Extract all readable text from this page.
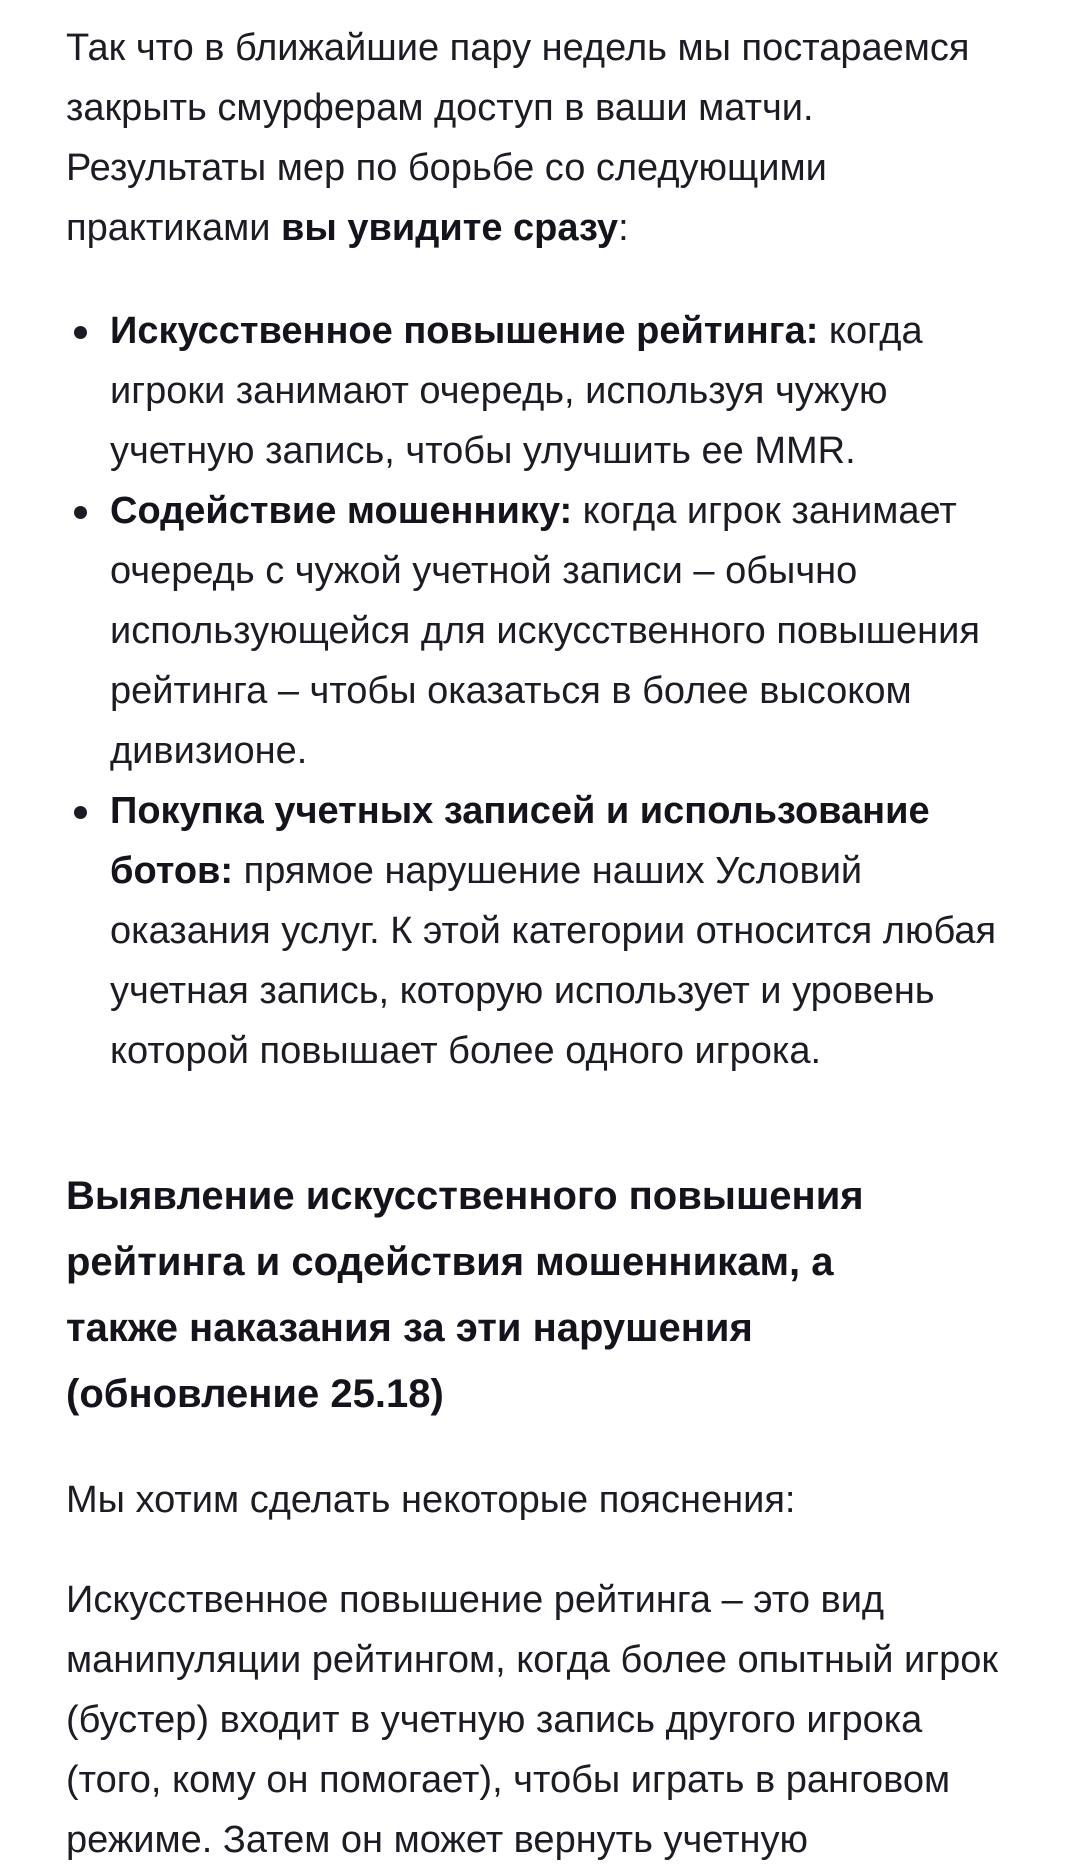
Так что в ближайшие пару недель мы постараемся
закрыть смурферам доступ в ваши матчи.
Результаты мер по борьбе со следующими
практиками вы увидите сразу:

Искусственное повышение рейтинга: когда игроки занимают очередь, используя чужую учетную запись, чтобы улучшить ее MMR.
Содействие мошеннику: когда игрок занимает очередь с чужой учетной записи – обычно использующейся для искусственного повышения рейтинга – чтобы оказаться в более высоком дивизионе.
Покупка учетных записей и использование ботов: прямое нарушение наших Условий оказания услуг. К этой категории относится любая учетная запись, которую использует и уровень которой повышает более одного игрока.
Выявление искусственного повышения рейтинга и содействия мошенникам, а также наказания за эти нарушения (обновление 25.18)

Мы хотим сделать некоторые пояснения:

Искусственное повышение рейтинга – это вид манипуляции рейтингом, когда более опытный игрок (бустер) входит в учетную запись другого игрока (того, кому он помогает), чтобы играть в ранговом режиме. Затем он может вернуть учетную
